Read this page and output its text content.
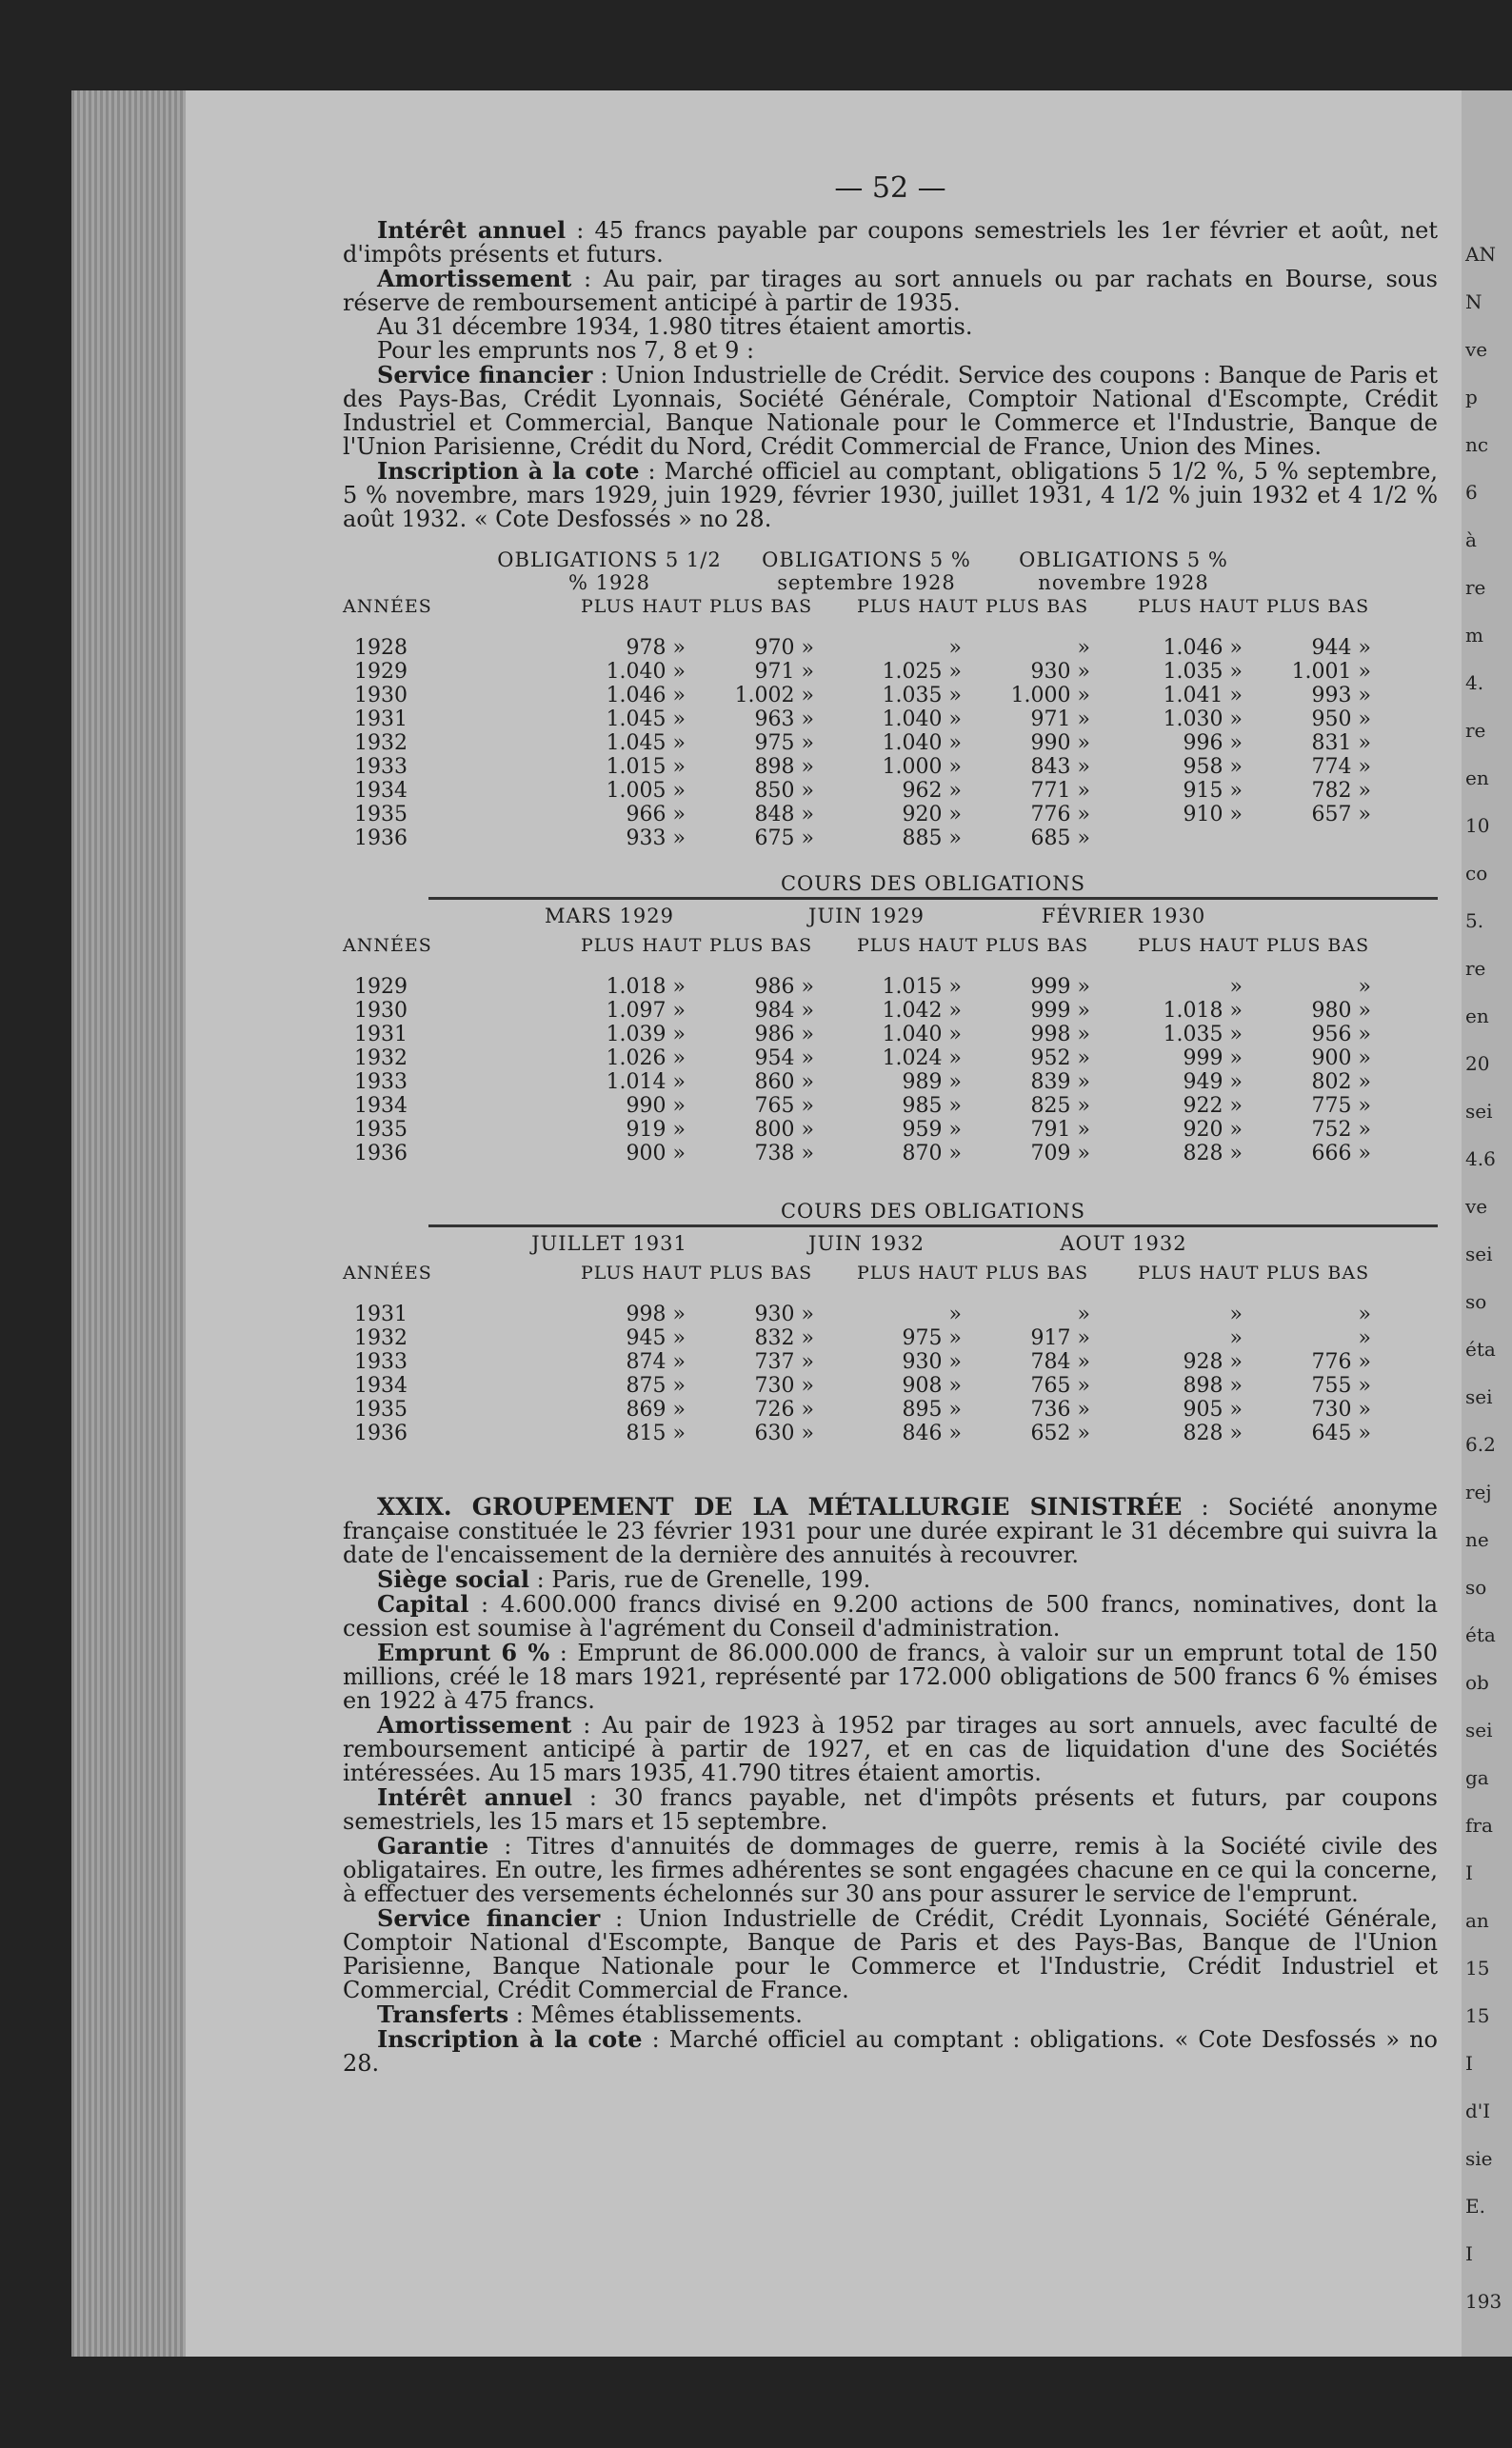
AN
N
ve
p
nc
6
à
re
m
4.
re
en
10
co
5.
re
en
20
sei
4.6
ve
sei
so
éta
sei
6.2
rej
ne
so
éta
ob
sei
ga
fra
I
an
15
15
I
d'I
sie
E.
I
193
— 52 —

Intérêt annuel : 45 francs payable par coupons semestriels les 1er février et août, net d'impôts présents et futurs.

Amortissement : Au pair, par tirages au sort annuels ou par rachats en Bourse, sous réserve de remboursement anticipé à partir de 1935.

Au 31 décembre 1934, 1.980 titres étaient amortis.

Pour les emprunts nos 7, 8 et 9 :

Service financier : Union Industrielle de Crédit. Service des coupons : Banque de Paris et des Pays-Bas, Crédit Lyonnais, Société Générale, Comptoir National d'Escompte, Crédit Industriel et Commercial, Banque Nationale pour le Commerce et l'Industrie, Banque de l'Union Parisienne, Crédit du Nord, Crédit Commercial de France, Union des Mines.

Inscription à la cote : Marché officiel au comptant, obligations 5 1/2 %, 5 % septembre, 5 % novembre, mars 1929, juin 1929, février 1930, juillet 1931, 4 1/2 % juin 1932 et 4 1/2 % août 1932. « Cote Desfossés » no 28.

OBLIGATIONS 5 1/2 % 1928
OBLIGATIONS 5 % septembre 1928
OBLIGATIONS 5 % novembre 1928
ANNÉES	PLUS HAUT PLUS BAS PLUS HAUT PLUS BAS	PLUS HAUT PLUS BAS
1928	978 »	970 »	»	»	1.046 »	944 »
1929	1.040 »	971 »	1.025 »	930 »	1.035 »	1.001 »
1930	1.046 »	1.002 »	1.035 »	1.000 »	1.041 »	993 »
1931	1.045 »	963 »	1.040 »	971 »	1.030 »	950 »
1932	1.045 »	975 »	1.040 »	990 »	996 »	831 »
1933	1.015 »	898 »	1.000 »	843 »	958 »	774 »
1934	1.005 »	850 »	962 »	771 »	915 »	782 »
1935	966 »	848 »	920 »	776 »	910 »	657 »
1936	933 »	675 »	885 »	685 »
COURS DES OBLIGATIONS
MARS 1929	JUIN 1929	FÉVRIER 1930
ANNÉES	PLUS HAUT PLUS BAS PLUS HAUT PLUS BAS	PLUS HAUT PLUS BAS
1929	1.018 »	986 »	1.015 »	999 »	»	»
1930	1.097 »	984 »	1.042 »	999 »	1.018 »	980 »
1931	1.039 »	986 »	1.040 »	998 »	1.035 »	956 »
1932	1.026 »	954 »	1.024 »	952 »	999 »	900 »
1933	1.014 »	860 »	989 »	839 »	949 »	802 »
1934	990 »	765 »	985 »	825 »	922 »	775 »
1935	919 »	800 »	959 »	791 »	920 »	752 »
1936	900 »	738 »	870 »	709 »	828 »	666 »
COURS DES OBLIGATIONS
JUILLET 1931	JUIN 1932	AOUT 1932
ANNÉES	PLUS HAUT PLUS BAS PLUS HAUT PLUS BAS	PLUS HAUT PLUS BAS
1931	998 »	930 »	»	»	»	»
1932	945 »	832 »	975 »	917 »	»	»
1933	874 »	737 »	930 »	784 »	928 »	776 »
1934	875 »	730 »	908 »	765 »	898 »	755 »
1935	869 »	726 »	895 »	736 »	905 »	730 »
1936	815 »	630 »	846 »	652 »	828 »	645 »

XXIX. GROUPEMENT DE LA MÉTALLURGIE SINISTRÉE : Société anonyme française constituée le 23 février 1931 pour une durée expirant le 31 décembre qui suivra la date de l'encaissement de la dernière des annuités à recouvrer.

Siège social : Paris, rue de Grenelle, 199.

Capital : 4.600.000 francs divisé en 9.200 actions de 500 francs, nominatives, dont la cession est soumise à l'agrément du Conseil d'administration.

Emprunt 6 % : Emprunt de 86.000.000 de francs, à valoir sur un emprunt total de 150 millions, créé le 18 mars 1921, représenté par 172.000 obligations de 500 francs 6 % émises en 1922 à 475 francs.

Amortissement : Au pair de 1923 à 1952 par tirages au sort annuels, avec faculté de remboursement anticipé à partir de 1927, et en cas de liquidation d'une des Sociétés intéressées. Au 15 mars 1935, 41.790 titres étaient amortis.

Intérêt annuel : 30 francs payable, net d'impôts présents et futurs, par coupons semestriels, les 15 mars et 15 septembre.

Garantie : Titres d'annuités de dommages de guerre, remis à la Société civile des obligataires. En outre, les firmes adhérentes se sont engagées chacune en ce qui la concerne, à effectuer des versements échelonnés sur 30 ans pour assurer le service de l'emprunt.

Service financier : Union Industrielle de Crédit, Crédit Lyonnais, Société Générale, Comptoir National d'Escompte, Banque de Paris et des Pays-Bas, Banque de l'Union Parisienne, Banque Nationale pour le Commerce et l'Industrie, Crédit Industriel et Commercial, Crédit Commercial de France.

Transferts : Mêmes établissements.

Inscription à la cote : Marché officiel au comptant : obligations. « Cote Desfossés » no 28.
